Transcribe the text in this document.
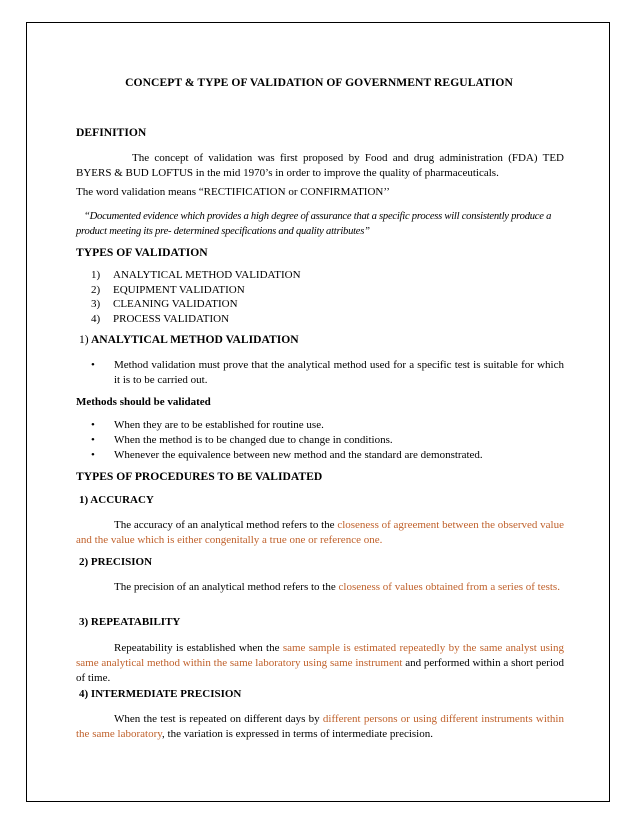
CONCEPT & TYPE OF VALIDATION OF GOVERNMENT REGULATION
DEFINITION

The concept of validation was first proposed by Food and drug administration (FDA) TED BYERS & BUD LOFTUS in the mid 1970’s in order to improve the quality of pharmaceuticals.

The word validation means “RECTIFICATION or CONFIRMATION’’

“Documented evidence which provides a high degree of assurance that a specific process will consistently produce a product meeting its pre- determined specifications and quality attributes”

TYPES OF VALIDATION
1) ANALYTICAL METHOD VALIDATION
2) EQUIPMENT VALIDATION
3) CLEANING VALIDATION
4) PROCESS VALIDATION
1) ANALYTICAL METHOD VALIDATION
• Method validation must prove that the analytical method used for a specific test is suitable for which it is to be carried out.
Methods should be validated
• When they are to be established for routine use.
• When the method is to be changed due to change in conditions.
• Whenever the equivalence between new method and the standard are demonstrated.
TYPES OF PROCEDURES TO BE VALIDATED
1) ACCURACY

The accuracy of an analytical method refers to the closeness of agreement between the observed value and the value which is either congenitally a true one or reference one.

2) PRECISION

The precision of an analytical method refers to the closeness of values obtained from a series of tests.

3) REPEATABILITY

Repeatability is established when the same sample is estimated repeatedly by the same analyst using same analytical method within the same laboratory using same instrument and performed within a short period of time.

4) INTERMEDIATE PRECISION

When the test is repeated on different days by different persons or using different instruments within the same laboratory, the variation is expressed in terms of intermediate precision.
